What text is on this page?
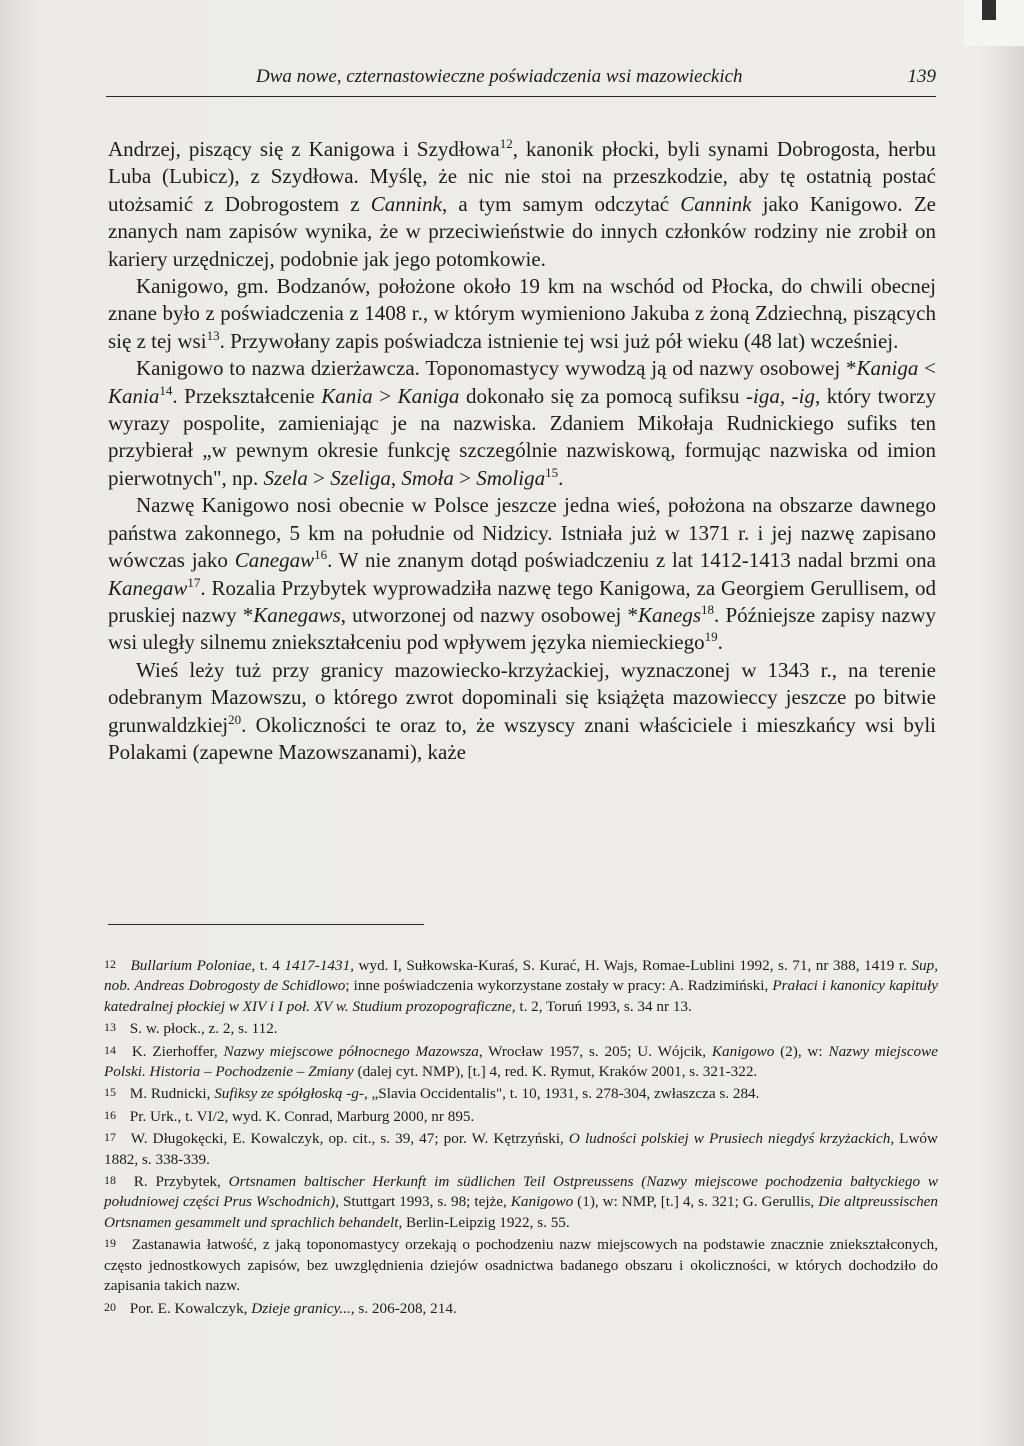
Dwa nowe, czternastowieczne poświadczenia wsi mazowieckich	139

Andrzej, piszący się z Kanigowa i Szydłowa$^{12}$, kanonik płocki, byli synami Dobrogosta, herbu Luba (Lubicz), z Szydłowa. Myślę, że nic nie stoi na przeszkodzie, aby tę ostatnią postać utożsamić z Dobrogostem z Cannink, a tym samym odczytać Cannink jako Kanigowo. Ze znanych nam zapisów wynika, że w przeciwieństwie do innych członków rodziny nie zrobił on kariery urzędniczej, podobnie jak jego potomkowie.

Kanigowo, gm. Bodzanów, położone około 19 km na wschód od Płocka, do chwili obecnej znane było z poświadczenia z 1408 r., w którym wymieniono Jakuba z żoną Zdziechną, piszących się z tej wsi$^{13}$. Przywołany zapis poświadcza istnienie tej wsi już pół wieku (48 lat) wcześniej.

Kanigowo to nazwa dzierżawcza. Toponomastycy wywodzą ją od nazwy osobowej *Kaniga < Kania$^{14}$. Przekształcenie Kania > Kaniga dokonało się za pomocą sufiksu -iga, -ig, który tworzy wyrazy pospolite, zamieniając je na nazwiska. Zdaniem Mikołaja Rudnickiego sufiks ten przybierał „w pewnym okresie funkcję szczególnie nazwiskową, formując nazwiska od imion pierwotnych", np. Szela > Szeliga, Smoła > Smoliga$^{15}$.

Nazwę Kanigowo nosi obecnie w Polsce jeszcze jedna wieś, położona na obszarze dawnego państwa zakonnego, 5 km na południe od Nidzicy. Istniała już w 1371 r. i jej nazwę zapisano wówczas jako Canegaw$^{16}$. W nie znanym dotąd poświadczeniu z lat 1412-1413 nadal brzmi ona Kanegaw$^{17}$. Rozalia Przybytek wyprowadziła nazwę tego Kanigowa, za Georgiem Gerullisem, od pruskiej nazwy *Kanegaws, utworzonej od nazwy osobowej *Kanegs$^{18}$. Późniejsze zapisy nazwy wsi uległy silnemu zniekształceniu pod wpływem języka niemieckiego$^{19}$.

Wieś leży tuż przy granicy mazowiecko-krzyżackiej, wyznaczonej w 1343 r., na terenie odebranym Mazowszu, o którego zwrot dopominali się książęta mazowieccy jeszcze po bitwie grunwaldzkiej$^{20}$. Okoliczności te oraz to, że wszyscy znani właściciele i mieszkańcy wsi byli Polakami (zapewne Mazowszanami), każe

12 Bullarium Poloniae, t. 4 1417-1431, wyd. I, Sułkowska-Kuraś, S. Kurać, H. Wajs, Romae-Lublini 1992, s. 71, nr 388, 1419 r. Sup, nob. Andreas Dobrogosty de Schidlowo; inne poświadczenia wykorzystane zostały w pracy: A. Radzimiński, Prałaci i kanonicy kapituły katedralnej płockiej w XIV i I poł. XV w. Studium prozopograficzne, t. 2, Toruń 1993, s. 34 nr 13.

13 S. w. płock., z. 2, s. 112.

14 K. Zierhoffer, Nazwy miejscowe północnego Mazowsza, Wrocław 1957, s. 205; U. Wójcik, Kanigowo (2), w: Nazwy miejscowe Polski. Historia – Pochodzenie – Zmiany (dalej cyt. NMP), [t.] 4, red. K. Rymut, Kraków 2001, s. 321-322.

15 M. Rudnicki, Sufiksy ze spółgłoską -g-, „Slavia Occidentalis", t. 10, 1931, s. 278-304, zwłaszcza s. 284.

16 Pr. Urk., t. VI/2, wyd. K. Conrad, Marburg 2000, nr 895.

17 W. Długokęcki, E. Kowalczyk, op. cit., s. 39, 47; por. W. Kętrzyński, O ludności polskiej w Prusiech niegdyś krzyżackich, Lwów 1882, s. 338-339.

18 R. Przybytek, Ortsnamen baltischer Herkunft im südlichen Teil Ostpreussens (Nazwy miejscowe pochodzenia bałtyckiego w południowej części Prus Wschodnich), Stuttgart 1993, s. 98; tejże, Kanigowo (1), w: NMP, [t.] 4, s. 321; G. Gerullis, Die altpreussischen Ortsnamen gesammelt und sprachlich behandelt, Berlin-Leipzig 1922, s. 55.

19 Zastanawia łatwość, z jaką toponomastycy orzekają o pochodzeniu nazw miejscowych na podstawie znacznie zniekształconych, często jednostkowych zapisów, bez uwzględnienia dziejów osadnictwa badanego obszaru i okoliczności, w których dochodziło do zapisania takich nazw.

20 Por. E. Kowalczyk, Dzieje granicy..., s. 206-208, 214.
